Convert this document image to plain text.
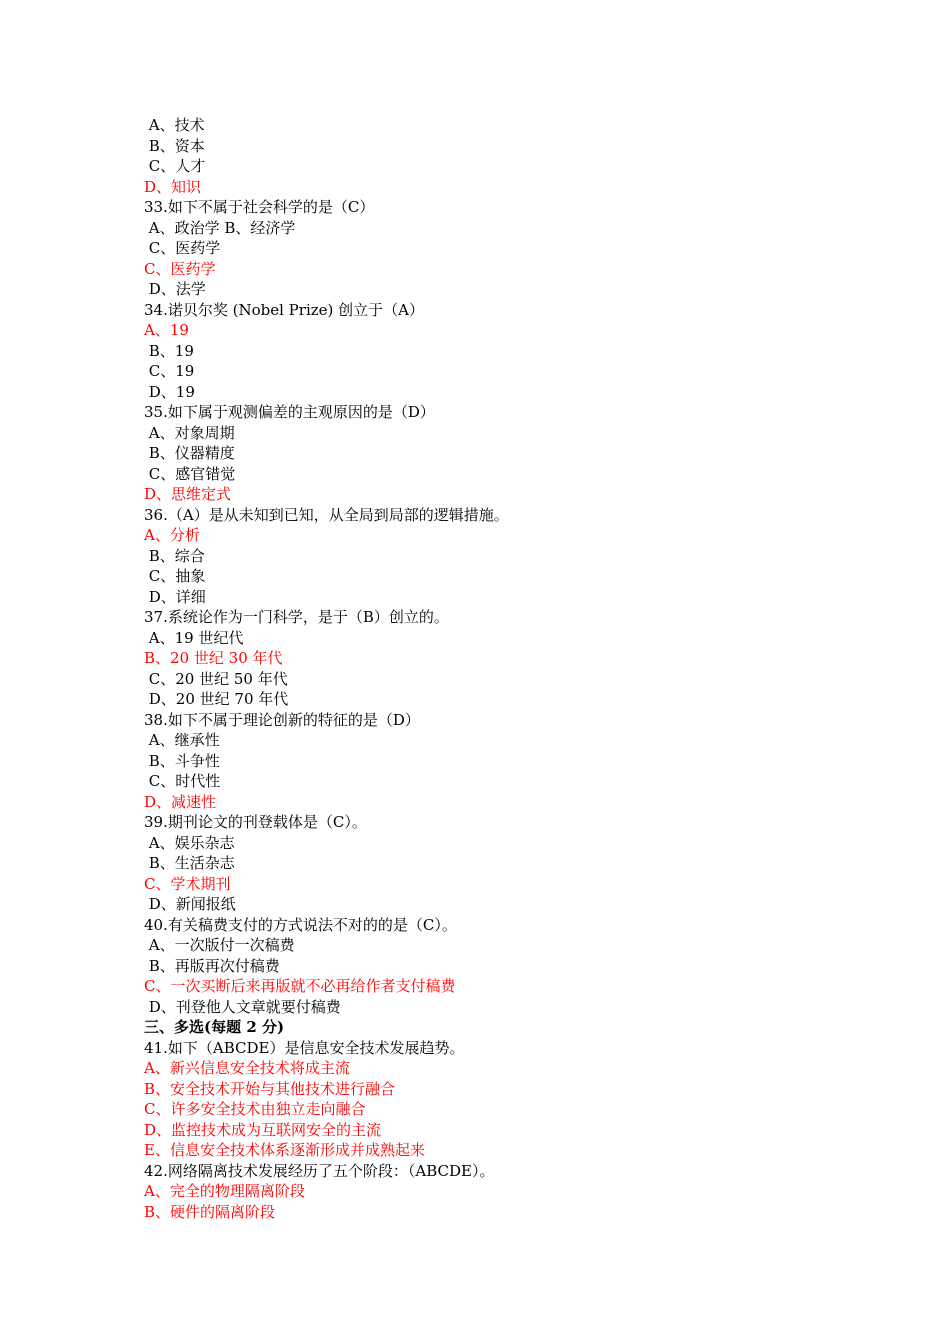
A、技术
B、资本
C、人才
D、知识
33.如下不属于社会科学的是（C）
A、政治学 B、经济学
C、医药学
C、医药学
D、法学
34.诺贝尔奖 (Nobel Prize) 创立于（A）
A、19
B、19
C、19
D、19
35.如下属于观测偏差的主观原因的是（D）
A、对象周期
B、仪器精度
C、感官错觉
D、思维定式
36.（A）是从未知到已知，从全局到局部的逻辑措施。
A、分析
B、综合
C、抽象
D、详细
37.系统论作为一门科学，是于（B）创立的。
A、19 世纪代
B、20 世纪 30 年代
C、20 世纪 50 年代
D、20 世纪 70 年代
38.如下不属于理论创新的特征的是（D）
A、继承性
B、斗争性
C、时代性
D、减速性
39.期刊论文的刊登载体是（C）。
A、娱乐杂志
B、生活杂志
C、学术期刊
D、新闻报纸
40.有关稿费支付的方式说法不对的的是（C）。
A、一次版付一次稿费
B、再版再次付稿费
C、一次买断后来再版就不必再给作者支付稿费
D、刊登他人文章就要付稿费
三、多选(每题 2 分)
41.如下（ABCDE）是信息安全技术发展趋势。
A、新兴信息安全技术将成主流
B、安全技术开始与其他技术进行融合
C、许多安全技术由独立走向融合
D、监控技术成为互联网安全的主流
E、信息安全技术体系逐渐形成并成熟起来
42.网络隔离技术发展经历了五个阶段：（ABCDE）。
A、完全的物理隔离阶段
B、硬件的隔离阶段
